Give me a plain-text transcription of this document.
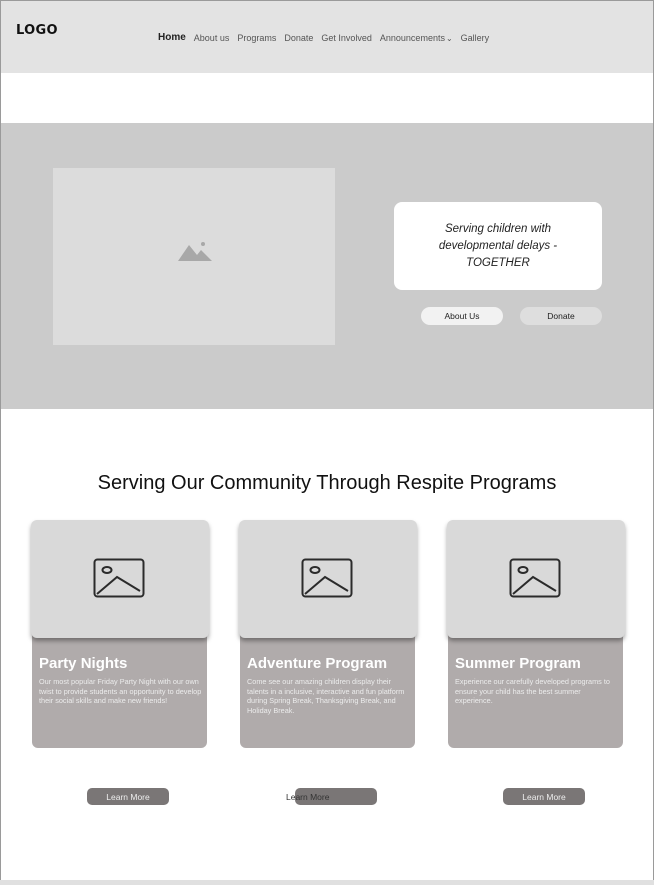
LOGO	Home About us Programs Donate Get Involved Announcements⌄ Gallery
Serving children with developmental delays - TOGETHER
About Us	Donate
Serving Our Community Through Respite Programs
Party Nights
Our most popular Friday Party Night with our own twist to provide students an opportunity to develop their social skills and make new friends!
Adventure Program
Come see our amazing children display their talents in a inclusive, interactive and fun platform during Spring Break, Thanksgiving Break, and Holiday Break.
Summer Program
Experience our carefully developed programs to ensure your child has the best summer experience.
Learn More	Learn More	Learn More
